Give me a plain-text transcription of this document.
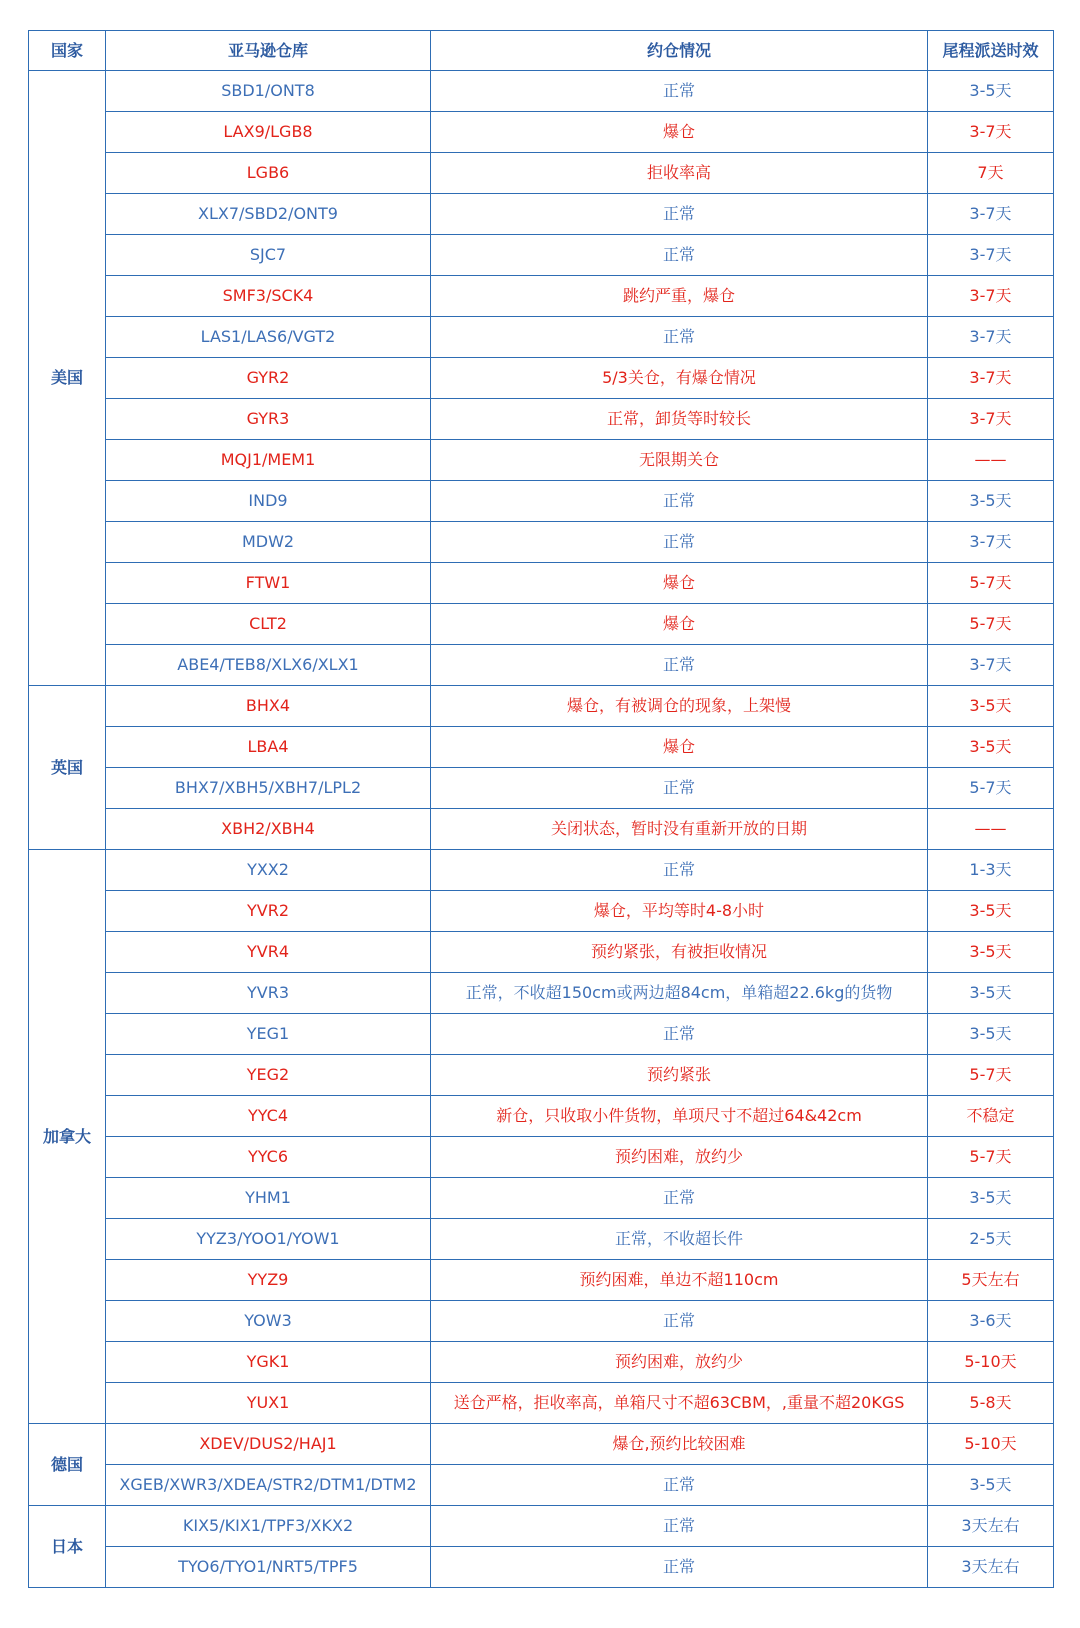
国家	亚马逊仓库	约仓情况	尾程派送时效
美国	SBD1/ONT8	正常	3-5天
	LAX9/LGB8	爆仓	3-7天
	LGB6	拒收率高	7天
	XLX7/SBD2/ONT9	正常	3-7天
	SJC7	正常	3-7天
	SMF3/SCK4	跳约严重，爆仓	3-7天
	LAS1/LAS6/VGT2	正常	3-7天
	GYR2	5/3关仓，有爆仓情况	3-7天
	GYR3	正常，卸货等时较长	3-7天
	MQJ1/MEM1	无限期关仓	——
	IND9	正常	3-5天
	MDW2	正常	3-7天
	FTW1	爆仓	5-7天
	CLT2	爆仓	5-7天
	ABE4/TEB8/XLX6/XLX1	正常	3-7天
英国	BHX4	爆仓，有被调仓的现象，上架慢	3-5天
	LBA4	爆仓	3-5天
	BHX7/XBH5/XBH7/LPL2	正常	5-7天
	XBH2/XBH4	关闭状态，暂时没有重新开放的日期	——
加拿大	YXX2	正常	1-3天
	YVR2	爆仓，平均等时4-8小时	3-5天
	YVR4	预约紧张，有被拒收情况	3-5天
	YVR3	正常，不收超150cm或两边超84cm，单箱超22.6kg的货物	3-5天
	YEG1	正常	3-5天
	YEG2	预约紧张	5-7天
	YYC4	新仓，只收取小件货物，单项尺寸不超过64&42cm	不稳定
	YYC6	预约困难，放约少	5-7天
	YHM1	正常	3-5天
	YYZ3/YOO1/YOW1	正常，不收超长件	2-5天
	YYZ9	预约困难，单边不超110cm	5天左右
	YOW3	正常	3-6天
	YGK1	预约困难，放约少	5-10天
	YUX1	送仓严格，拒收率高，单箱尺寸不超63CBM，,重量不超20KGS	5-8天
德国	XDEV/DUS2/HAJ1	爆仓,预约比较困难	5-10天
	XGEB/XWR3/XDEA/STR2/DTM1/DTM2	正常	3-5天
日本	KIX5/KIX1/TPF3/XKX2	正常	3天左右
	TYO6/TYO1/NRT5/TPF5	正常	3天左右
